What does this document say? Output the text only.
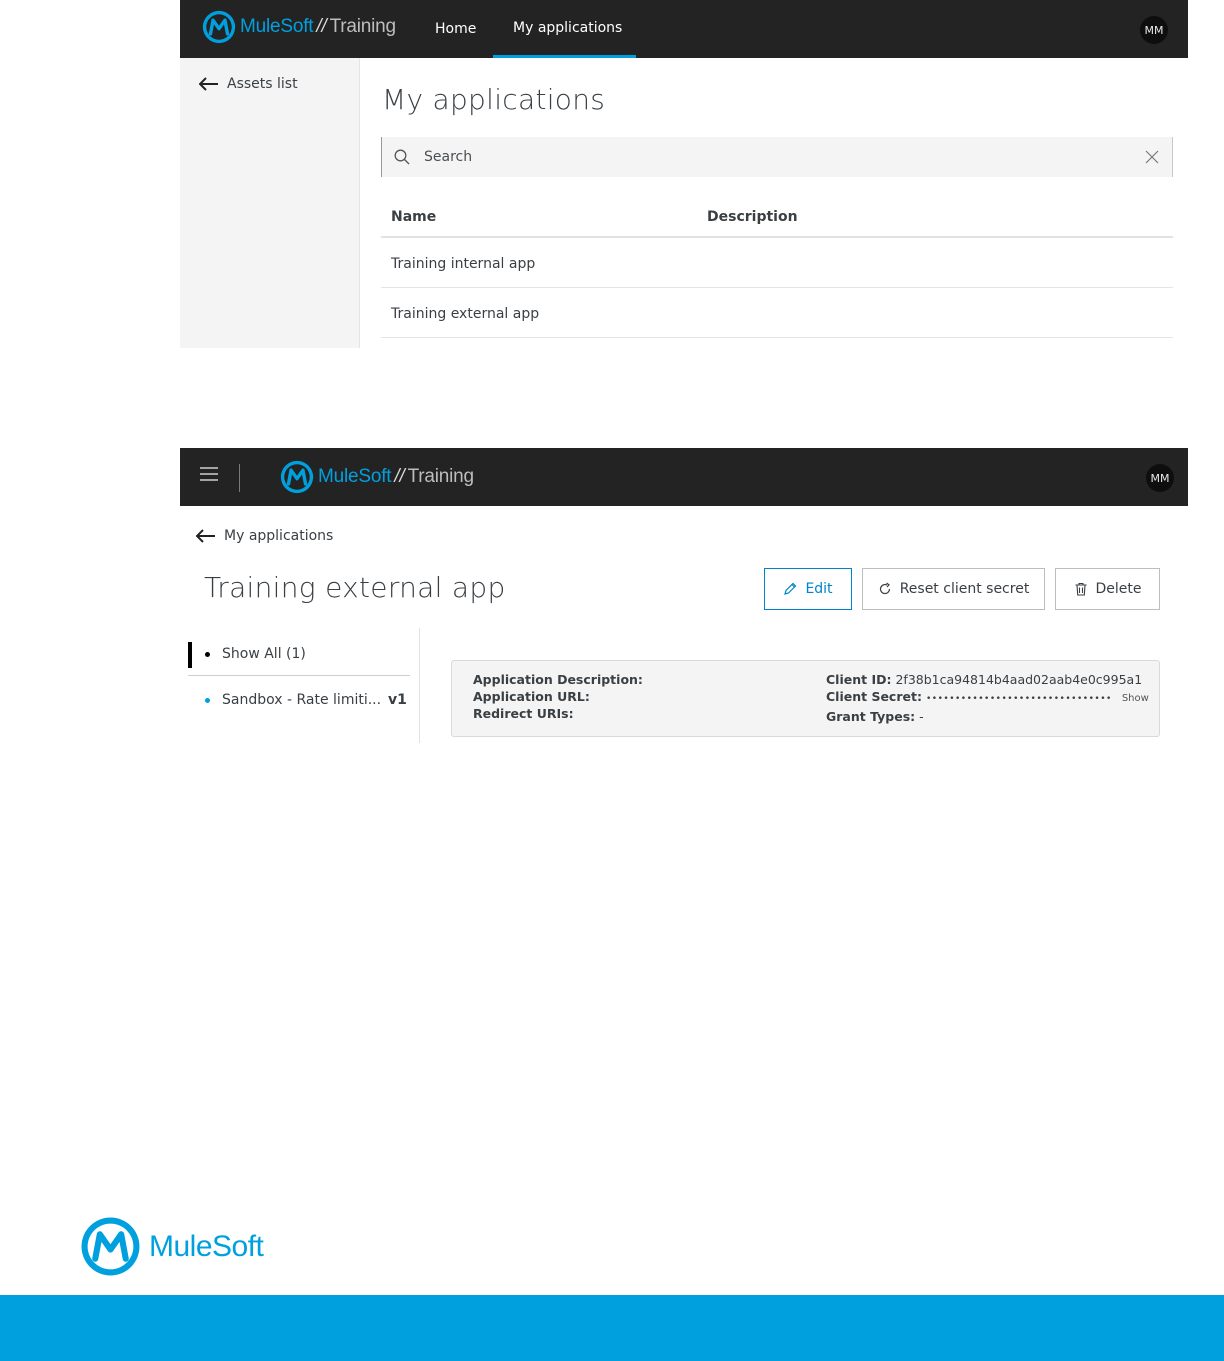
MuleSoft // Training	Home	My applications	MM
Assets list	My applications
Search
Name	Description
Training internal app
Training external app
MuleSoft // Training	MM
My applications
Training external app	Edit	Reset client secret	Delete
Show All (1)
Sandbox - Rate limiti... v1
Application Description:
Application URL:
Redirect URIs:
Client ID: 2f38b1ca94814b4aad02aab4e0c995a1
Client Secret: •••••••••••••••••••••••••••••••• Show
Grant Types: -
MuleSoft
